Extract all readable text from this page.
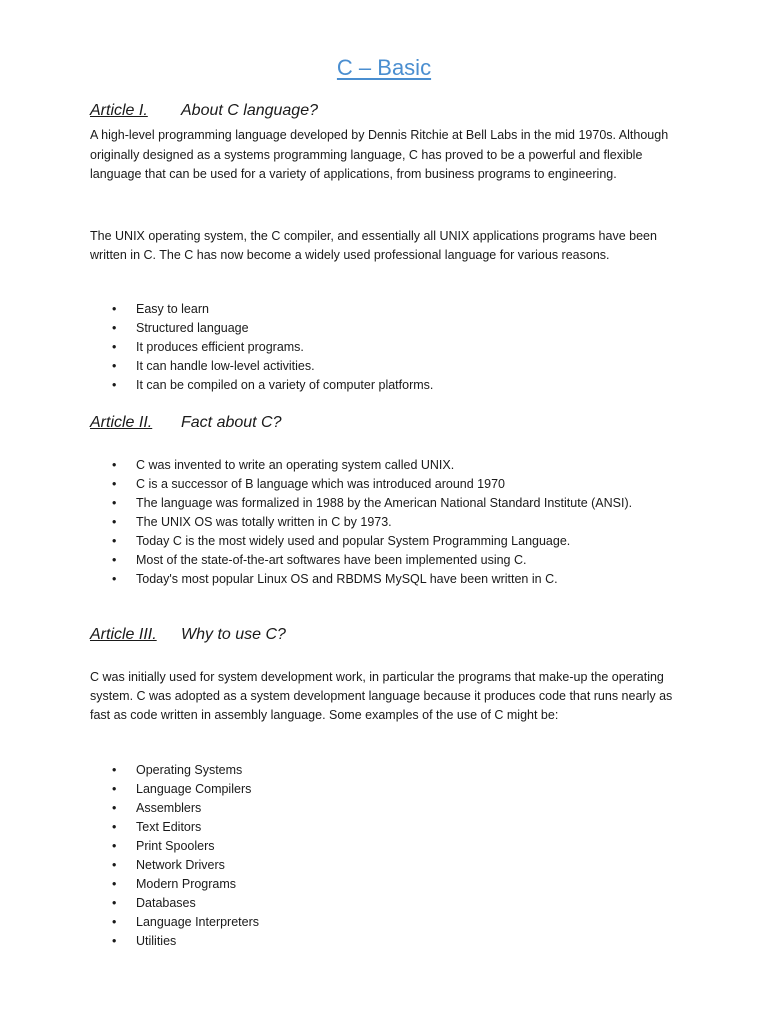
C – Basic
Article I. About C language?

A high-level programming language developed by Dennis Ritchie at Bell Labs in the mid 1970s. Although originally designed as a systems programming language, C has proved to be a powerful and flexible language that can be used for a variety of applications, from business programs to engineering.

The UNIX operating system, the C compiler, and essentially all UNIX applications programs have been written in C. The C has now become a widely used professional language for various reasons.

• Easy to learn
• Structured language
• It produces efficient programs.
• It can handle low-level activities.
• It can be compiled on a variety of computer platforms.
Article II. Fact about C?
• C was invented to write an operating system called UNIX.
• C is a successor of B language which was introduced around 1970
• The language was formalized in 1988 by the American National Standard Institute (ANSI).
• The UNIX OS was totally written in C by 1973.
• Today C is the most widely used and popular System Programming Language.
• Most of the state-of-the-art softwares have been implemented using C.
• Today's most popular Linux OS and RBDMS MySQL have been written in C.
Article III. Why to use C?

C was initially used for system development work, in particular the programs that make-up the operating system. C was adopted as a system development language because it produces code that runs nearly as fast as code written in assembly language. Some examples of the use of C might be:

• Operating Systems
• Language Compilers
• Assemblers
• Text Editors
• Print Spoolers
• Network Drivers
• Modern Programs
• Databases
• Language Interpreters
• Utilities
